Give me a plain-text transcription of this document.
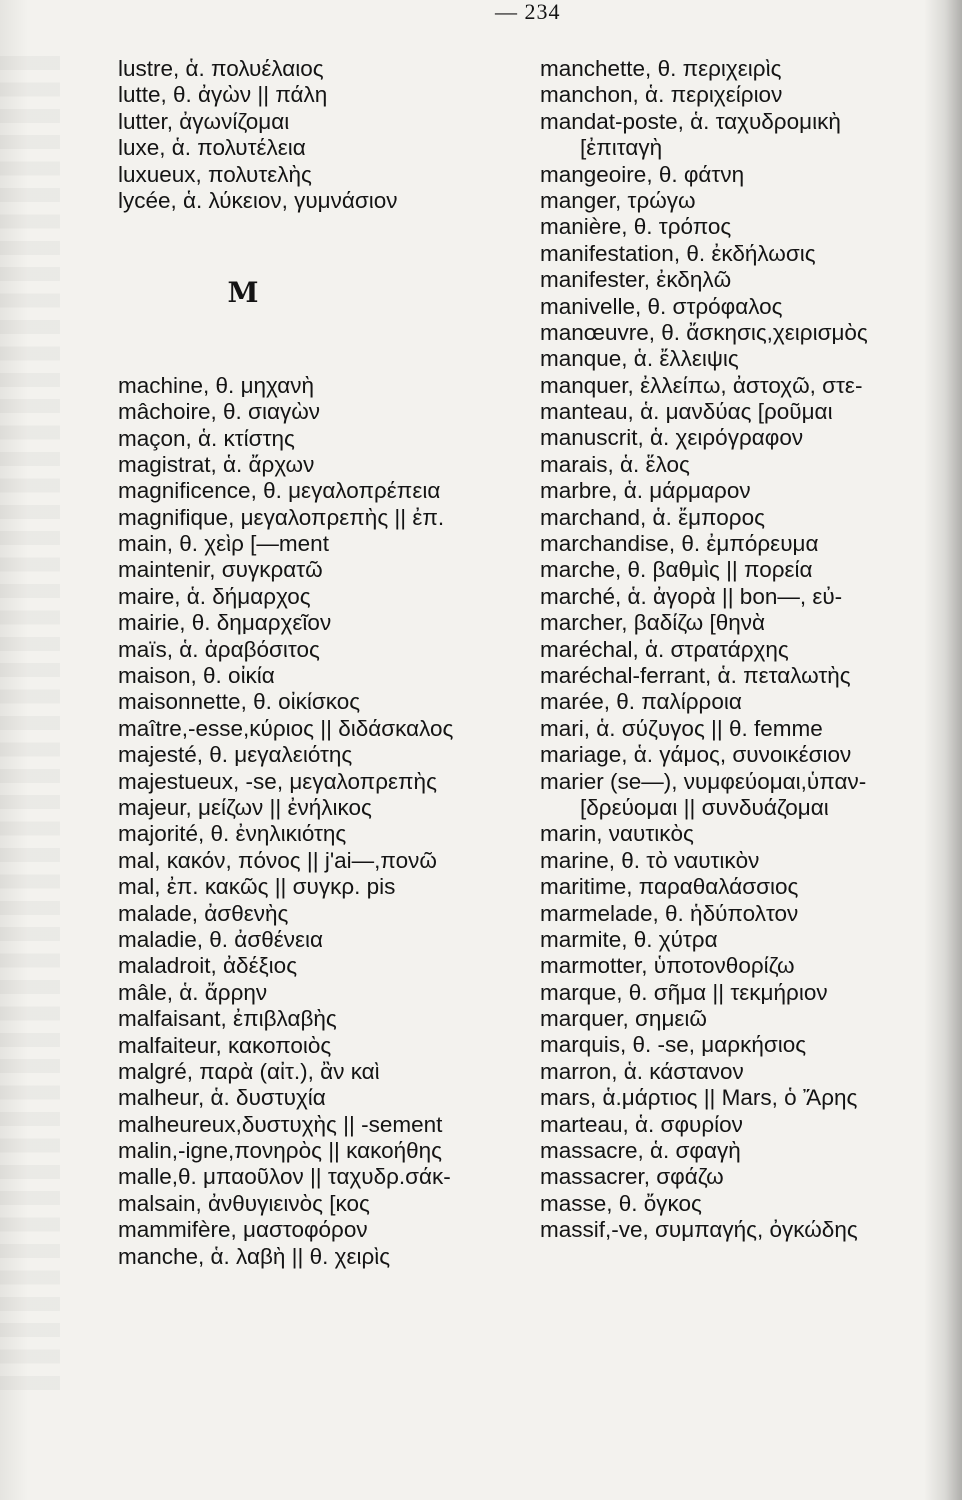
— 234
lustre, ἁ. πολυέλαιος
lutte, θ. ἀγὼν || πάλη
lutter, ἀγωνίζομαι
luxe, ἁ. πολυτέλεια
luxueux, πολυτελὴς
lycée, ἁ. λύκειον, γυμνάσιον
M
machine, θ. μηχανὴ
mâchoire, θ. σιαγὼν
maçon, ἁ. κτίστης
magistrat, ἁ. ἄρχων
magnificence, θ. μεγαλοπρέπεια
magnifique, μεγαλοπρεπὴς || ἐπ.
main, θ. χεὶρ [—ment
maintenir, συγκρατῶ
maire, ἁ. δήμαρχος
mairie, θ. δημαρχεῖον
maïs, ἁ. ἀραβόσιτος
maison, θ. οἰκία
maisonnette, θ. οἰκίσκος
maître,-esse,κύριος || διδάσκαλος
majesté, θ. μεγαλειότης
majestueux, -se, μεγαλοπρεπὴς
majeur, μείζων || ἐνήλικος
majorité, θ. ἐνηλικιότης
mal, κακόν, πόνος || j'ai—,πονῶ
mal, ἐπ. κακῶς || συγκρ. pis
malade, ἀσθενὴς
maladie, θ. ἀσθένεια
maladroit, ἀδέξιος
mâle, ἁ. ἄρρην
malfaisant, ἐπιβλαβὴς
malfaiteur, κακοποιὸς
malgré, παρὰ (αἰτ.), ἂν καὶ
malheur, ἁ. δυστυχία
malheureux,δυστυχὴς || -sement
malin,-igne,πονηρὸς || κακοήθης
malle,θ. μπαοῦλον || ταχυδρ.σάκ-
malsain, ἀνθυγιεινὸς [κος
mammifère, μαστοφόρον
manche, ἁ. λαβὴ || θ. χειρὶς
manchette, θ. περιχειρὶς
manchon, ἁ. περιχείριον
mandat-poste, ἁ. ταχυδρομικὴ
[ἐπιταγὴ
mangeoire, θ. φάτνη
manger, τρώγω
manière, θ. τρόπος
manifestation, θ. ἐκδήλωσις
manifester, ἐκδηλῶ
manivelle, θ. στρόφαλος
manœuvre, θ. ἄσκησις,χειρισμὸς
manque, ἁ. ἔλλειψις
manquer, ἐλλείπω, ἀστοχῶ, στε-
manteau, ἁ. μανδύας [ροῦμαι
manuscrit, ἁ. χειρόγραφον
marais, ἁ. ἕλος
marbre, ἁ. μάρμαρον
marchand, ἁ. ἔμπορος
marchandise, θ. ἐμπόρευμα
marche, θ. βαθμὶς || πορεία
marché, ἁ. ἀγορὰ || bon—, εὐ-
marcher, βαδίζω [θηνὰ
maréchal, ἁ. στρατάρχης
maréchal-ferrant, ἁ. πεταλωτὴς
marée, θ. παλίρροια
mari, ἁ. σύζυγος || θ. femme
mariage, ἁ. γάμος, συνοικέσιον
marier (se—), νυμφεύομαι,ὑπαν-
[δρεύομαι || συνδυάζομαι
marin, ναυτικὸς
marine, θ. τὸ ναυτικὸν
maritime, παραθαλάσσιος
marmelade, θ. ἡδύπολτον
marmite, θ. χύτρα
marmotter, ὑποτονθορίζω
marque, θ. σῆμα || τεκμήριον
marquer, σημειῶ
marquis, θ. -se, μαρκήσιος
marron, ἁ. κάστανον
mars, ἁ.μάρτιος || Mars, ὁ Ἄρης
marteau, ἁ. σφυρίον
massacre, ἁ. σφαγὴ
massacrer, σφάζω
masse, θ. ὄγκος
massif,-ve, συμπαγής, ὀγκώδης
